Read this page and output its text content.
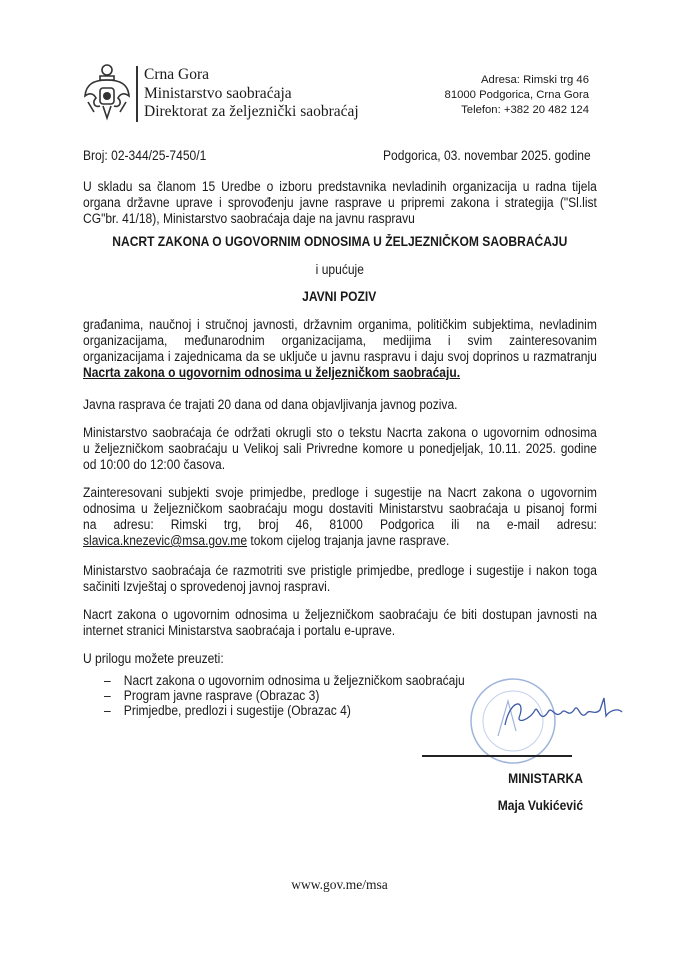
Crna Gora
Ministarstvo saobraćaja
Direktorat za željeznički saobraćaj
Adresa: Rimski trg 46
81000 Podgorica, Crna Gora
Telefon: +382 20 482 124
Broj: 02-344/25-7450/1	Podgorica, 03. novembar 2025. godine
U skladu sa članom 15 Uredbe o izboru predstavnika nevladinih organizacija u radna tijela
organa državne uprave i sprovođenju javne rasprave u pripremi zakona i strategija ("Sl.list
CG"br. 41/18), Ministarstvo saobraćaja daje na javnu raspravu
NACRT ZAKONA O UGOVORNIM ODNOSIMA U ŽELJEZNIČKOM SAOBRAĆAJU
i upućuje
JAVNI POZIV
građanima, naučnoj i stručnoj javnosti, državnim organima, političkim subjektima, nevladinim
organizacijama, međunarodnim organizacijama, medijima i svim zainteresovanim
organizacijama i zajednicama da se uključe u javnu raspravu i daju svoj doprinos u razmatranju
Nacrta zakona o ugovornim odnosima u željezničkom saobraćaju.
Javna rasprava će trajati 20 dana od dana objavljivanja javnog poziva.
Ministarstvo saobraćaja će održati okrugli sto o tekstu Nacrta zakona o ugovornim odnosima
u željezničkom saobraćaju u Velikoj sali Privredne komore u ponedjeljak, 10.11. 2025. godine
od 10:00 do 12:00 časova.
Zainteresovani subjekti svoje primjedbe, predloge i sugestije na Nacrt zakona o ugovornim
odnosima u željezničkom saobraćaju mogu dostaviti Ministarstvu saobraćaja u pisanoj formi
na adresu: Rimski trg, broj 46, 81000 Podgorica ili na e-mail adresu:
slavica.knezevic@msa.gov.me tokom cijelog trajanja javne rasprave.
Ministarstvo saobraćaja će razmotriti sve pristigle primjedbe, predloge i sugestije i nakon toga
sačiniti Izvještaj o sprovedenoj javnoj raspravi.
Nacrt zakona o ugovornim odnosima u željezničkom saobraćaju će biti dostupan javnosti na
internet stranici Ministarstva saobraćaja i portalu e-uprave.
U prilogu možete preuzeti:
– Nacrt zakona o ugovornim odnosima u željezničkom saobraćaju
– Program javne rasprave (Obrazac 3)
– Primjedbe, predlozi i sugestije (Obrazac 4)
MINISTARKA
Maja Vukićević
www.gov.me/msa
